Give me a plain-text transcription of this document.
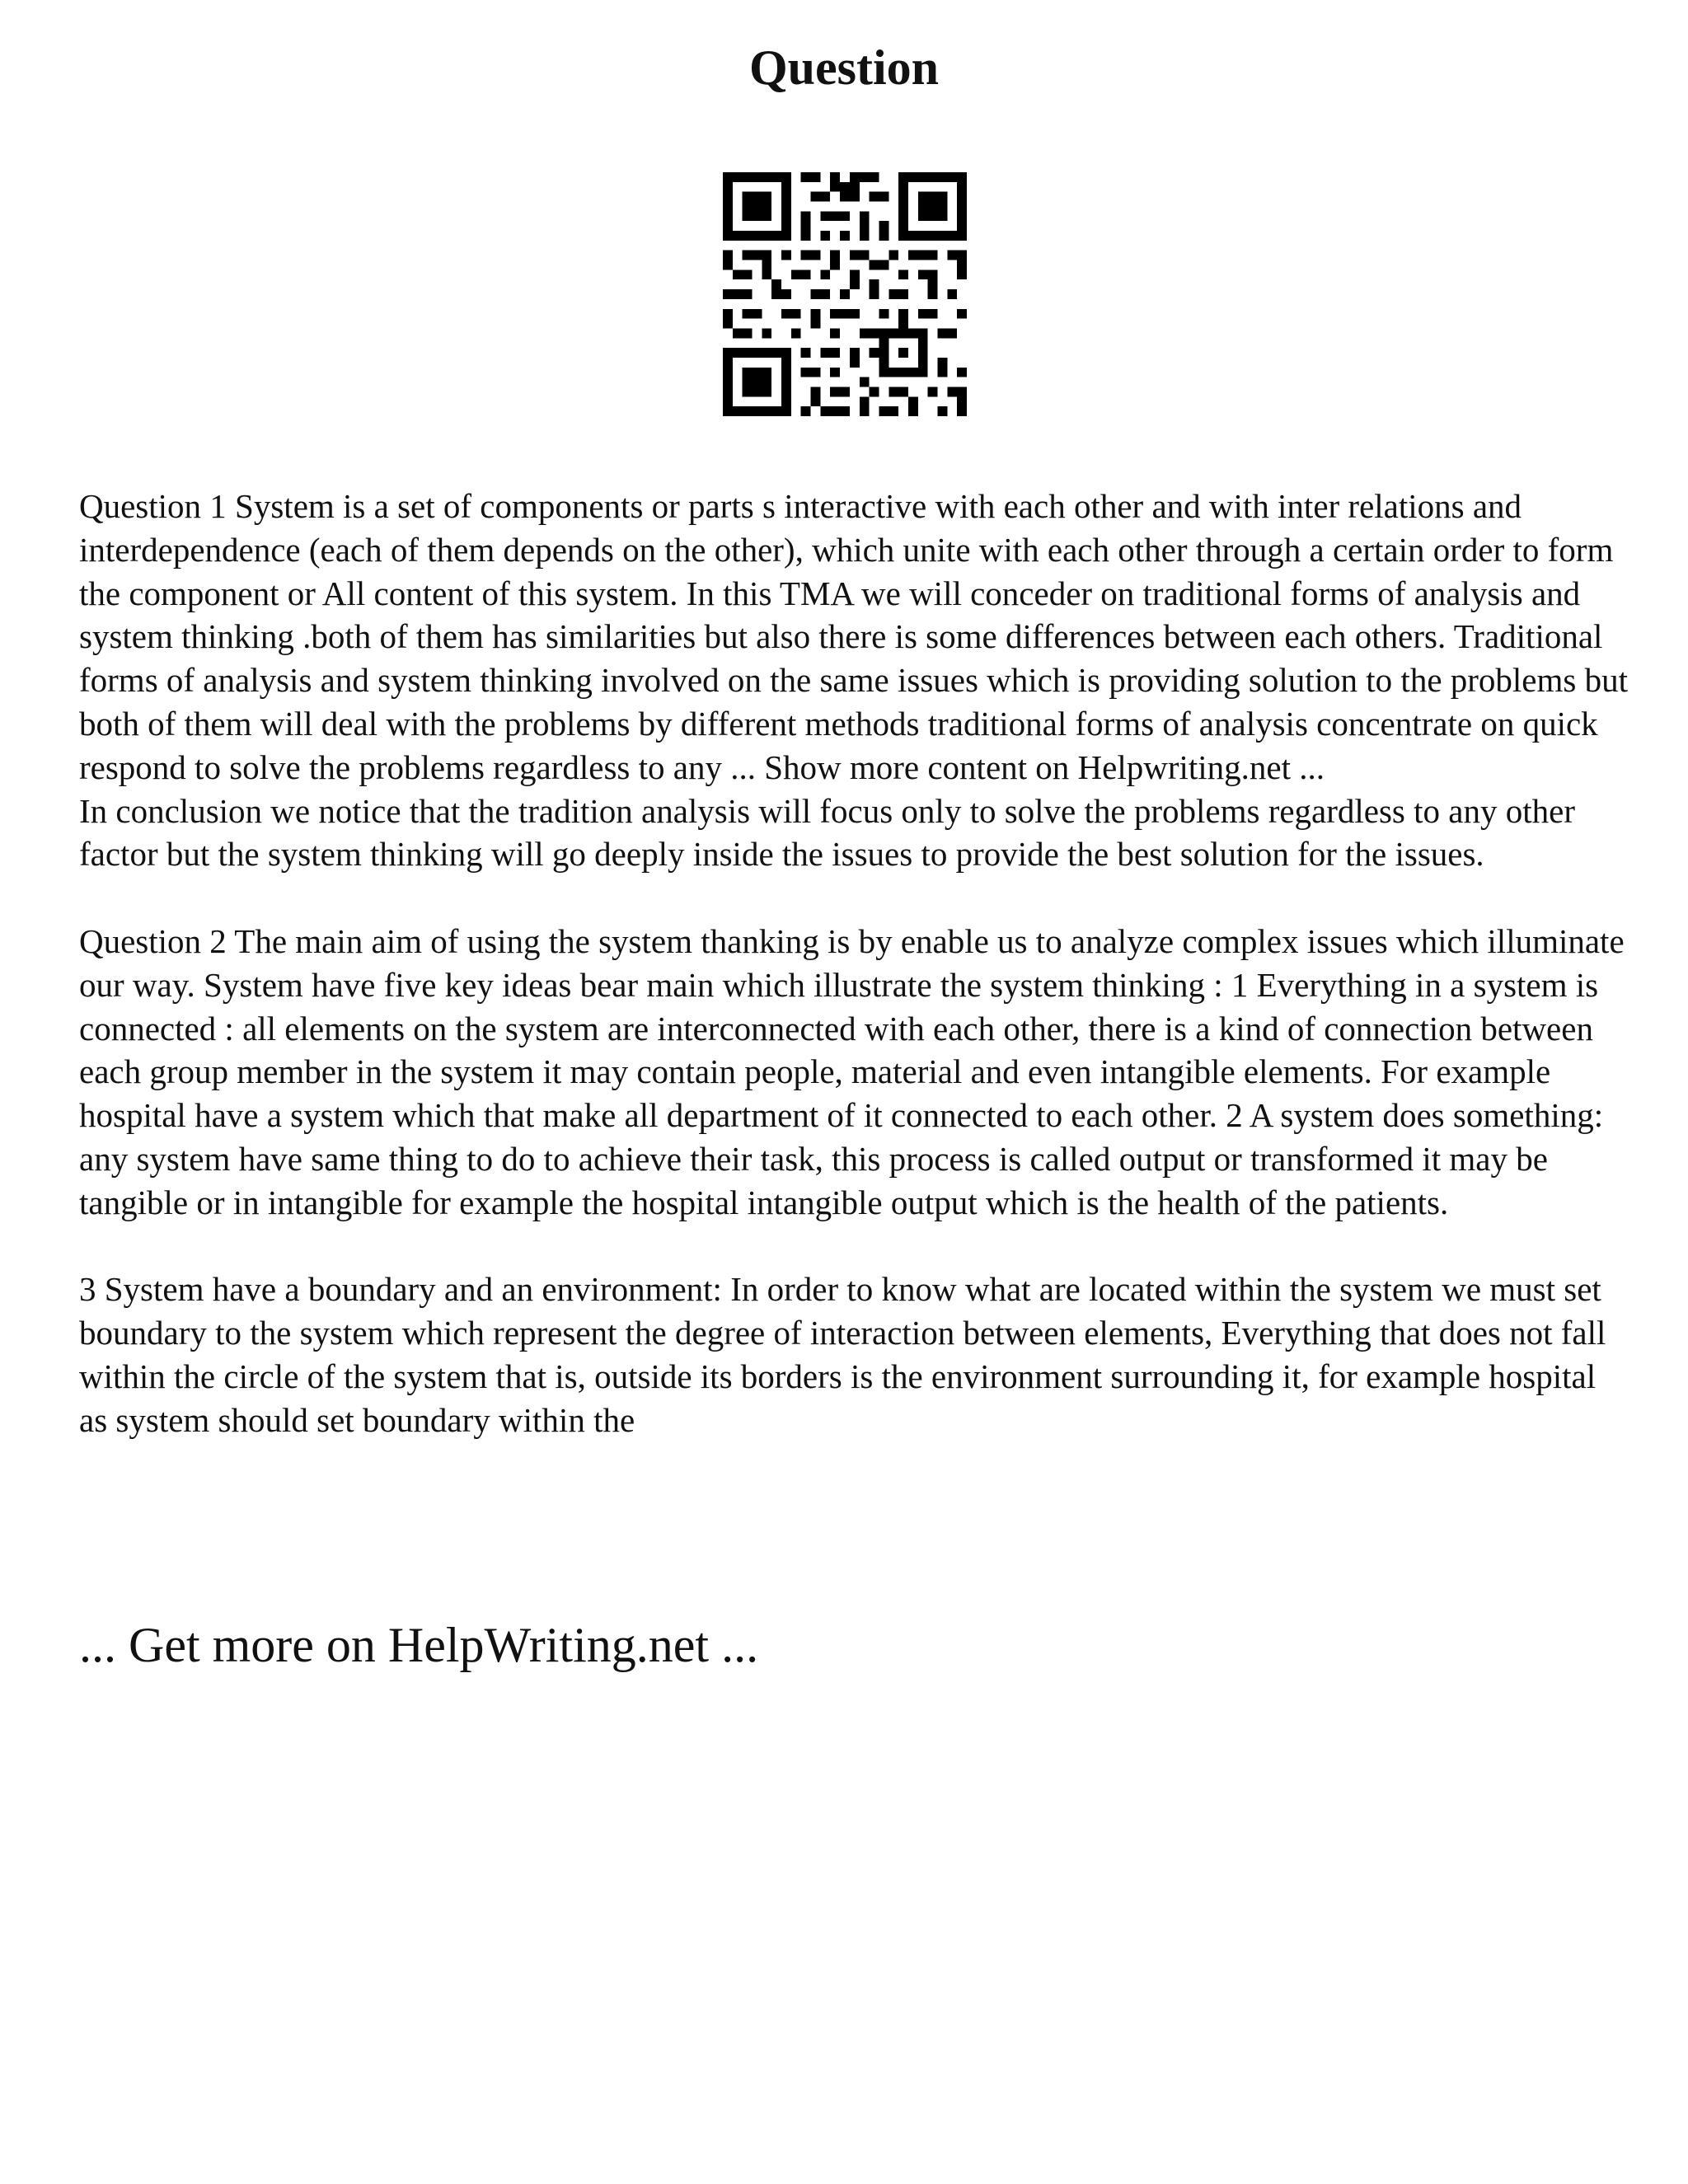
Question

Question 1 System is a set of components or parts s interactive with each other and with inter relations and interdependence (each of them depends on the other), which unite with each other through a certain order to form the component or All content of this system. In this TMA we will conceder on traditional forms of analysis and system thinking .both of them has similarities but also there is some differences between each others. Traditional forms of analysis and system thinking involved on the same issues which is providing solution to the problems but both of them will deal with the problems by different methods traditional forms of analysis concentrate on quick respond to solve the problems regardless to any ... Show more content on Helpwriting.net ...

In conclusion we notice that the tradition analysis will focus only to solve the problems regardless to any other factor but the system thinking will go deeply inside the issues to provide the best solution for the issues.

Question 2 The main aim of using the system thanking is by enable us to analyze complex issues which illuminate our way. System have five key ideas bear main which illustrate the system thinking : 1 Everything in a system is connected : all elements on the system are interconnected with each other, there is a kind of connection between each group member in the system it may contain people, material and even intangible elements. For example hospital have a system which that make all department of it connected to each other. 2 A system does something: any system have same thing to do to achieve their task, this process is called output or transformed it may be tangible or in intangible for example the hospital intangible output which is the health of the patients.

3 System have a boundary and an environment: In order to know what are located within the system we must set boundary to the system which represent the degree of interaction between elements, Everything that does not fall within the circle of the system that is, outside its borders is the environment surrounding it, for example hospital as system should set boundary within the

... Get more on HelpWriting.net ...
